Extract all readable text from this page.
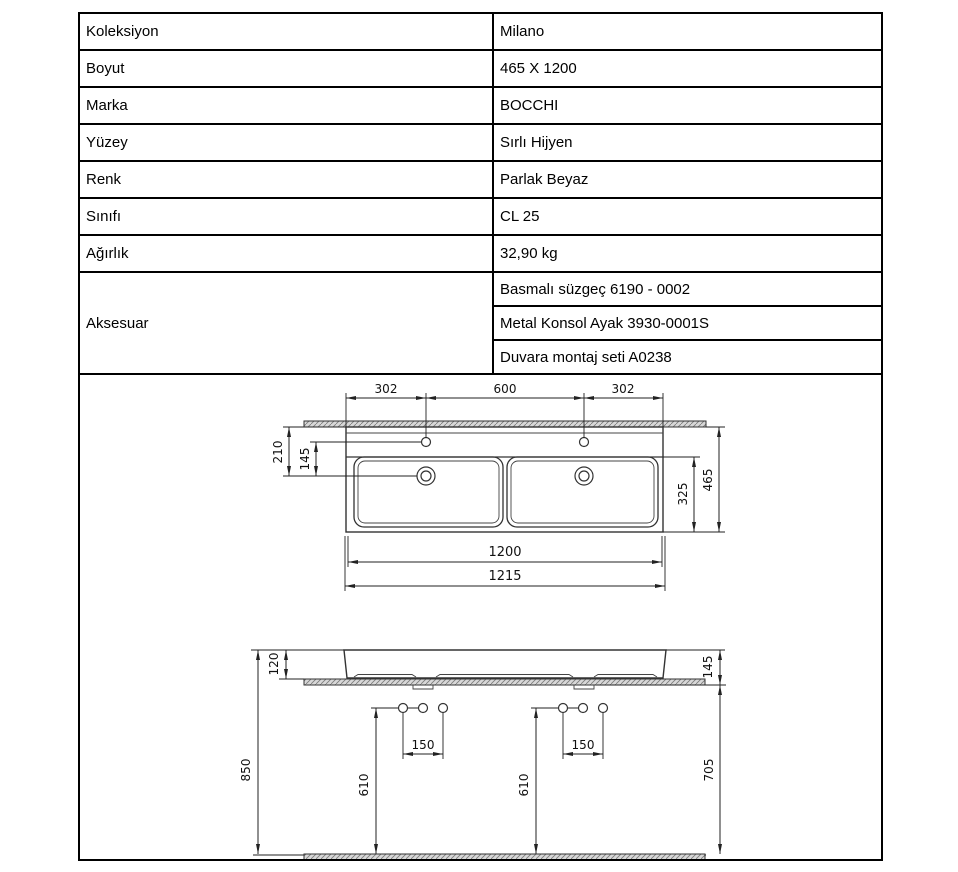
Koleksiyon	Milano
Boyut	465 X 1200
Marka	BOCCHI
Yüzey	Sırlı Hijyen
Renk	Parlak Beyaz
Sınıfı	CL 25
Ağırlık	32,90 kg
Aksesuar	Basmalı süzgeç 6190 - 0002
	Metal Konsol Ayak 3930-0001S
	Duvara montaj seti A0238

302	600	302
210 145
325
465
1200
1215
150	150
120
850
145
705
610	610
